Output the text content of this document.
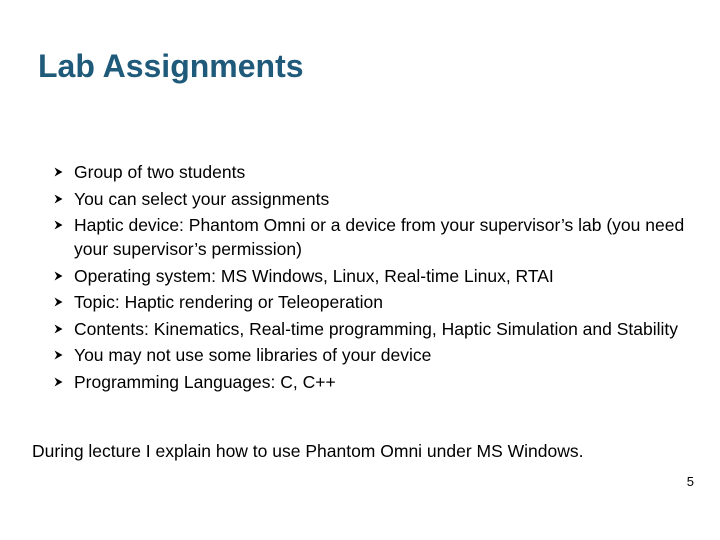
Lab Assignments
Group of two students
You can select your assignments
Haptic device: Phantom Omni or a device from your supervisor’s lab (you need your supervisor’s permission)
Operating system: MS Windows, Linux, Real-time Linux, RTAI
Topic: Haptic rendering or Teleoperation
Contents: Kinematics, Real-time programming, Haptic Simulation and Stability
You may not use some libraries of your device
Programming Languages: C, C++
During lecture I explain how to use Phantom Omni under MS Windows.
5
